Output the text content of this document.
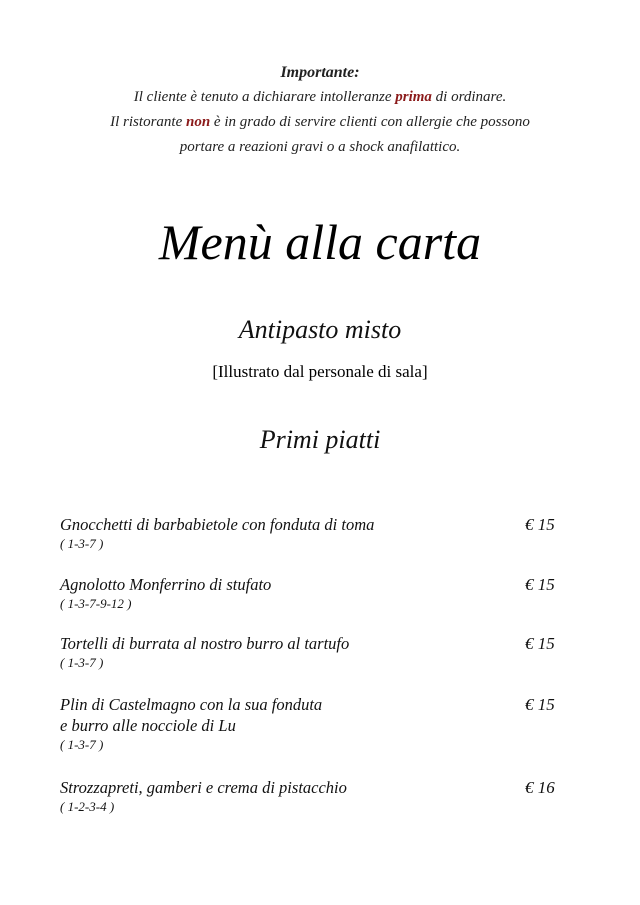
Importante:
Il cliente è tenuto a dichiarare intolleranze prima di ordinare.
Il ristorante non è in grado di servire clienti con allergie che possono
portare a reazioni gravi o a shock anafilattico.
Menù alla carta
Antipasto misto
[Illustrato dal personale di sala]
Primi piatti
Gnocchetti di barbabietole con fonduta di toma
( 1-3-7 )
€ 15
Agnolotto Monferrino di stufato
( 1-3-7-9-12 )
€ 15
Tortelli di burrata al nostro burro al tartufo
( 1-3-7 )
€ 15
Plin di Castelmagno con la sua fonduta
e burro alle nocciole di Lu
( 1-3-7 )
€ 15
Strozzapreti, gamberi e crema di pistacchio
( 1-2-3-4 )
€ 16
